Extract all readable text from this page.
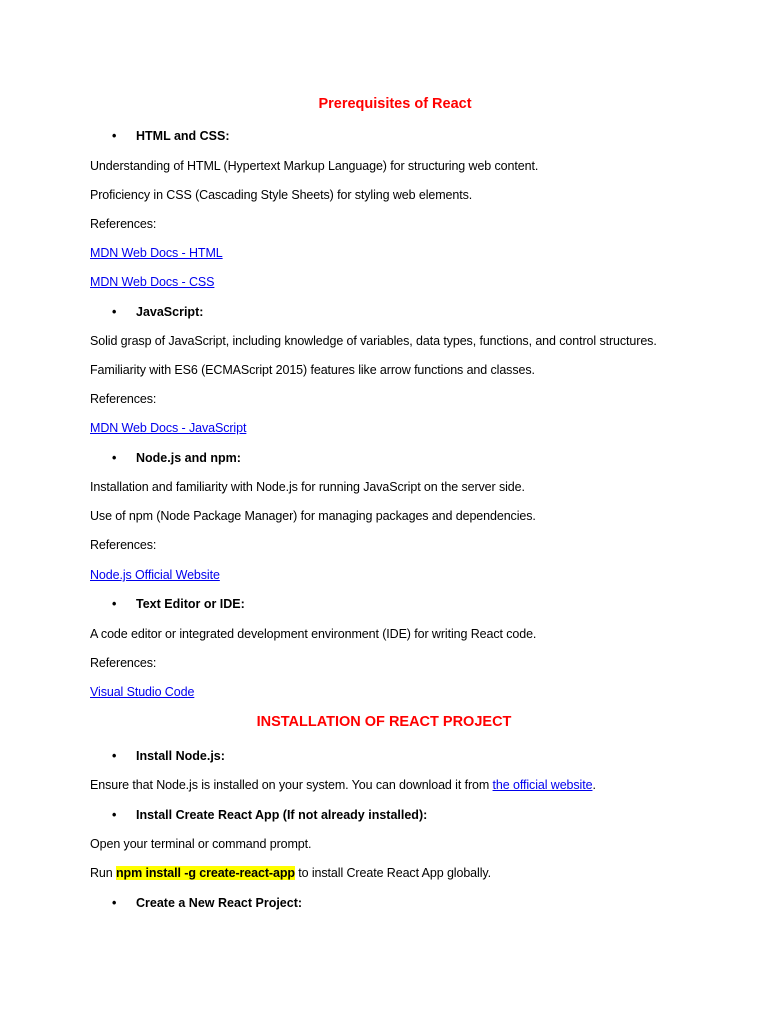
Prerequisites of React
• HTML and CSS:
Understanding of HTML (Hypertext Markup Language) for structuring web content.
Proficiency in CSS (Cascading Style Sheets) for styling web elements.
References:
MDN Web Docs - HTML
MDN Web Docs - CSS
• JavaScript:
Solid grasp of JavaScript, including knowledge of variables, data types, functions, and control structures.
Familiarity with ES6 (ECMAScript 2015) features like arrow functions and classes.
References:
MDN Web Docs - JavaScript
• Node.js and npm:
Installation and familiarity with Node.js for running JavaScript on the server side.
Use of npm (Node Package Manager) for managing packages and dependencies.
References:
Node.js Official Website
• Text Editor or IDE:
A code editor or integrated development environment (IDE) for writing React code.
References:
Visual Studio Code
INSTALLATION OF REACT PROJECT
• Install Node.js:
Ensure that Node.js is installed on your system. You can download it from the official website.
• Install Create React App (If not already installed):
Open your terminal or command prompt.
Run npm install -g create-react-app to install Create React App globally.
• Create a New React Project:
